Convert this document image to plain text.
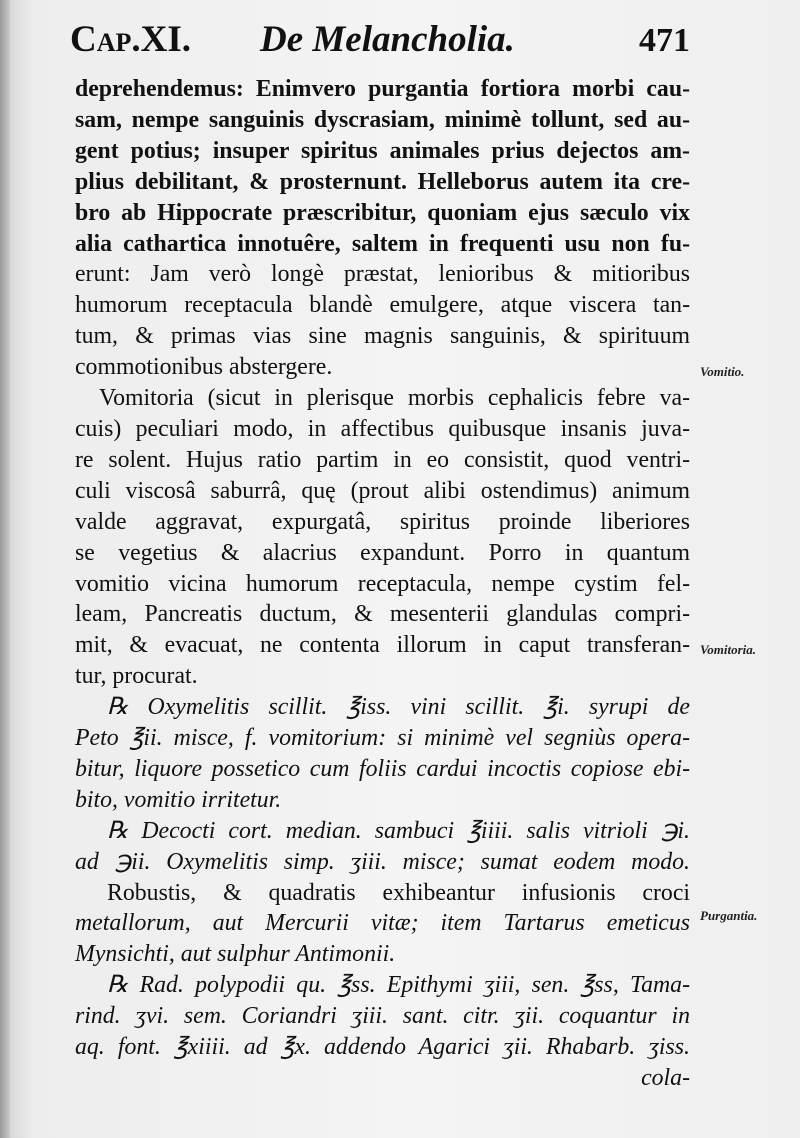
Cap.XI. De Melancholia.	471
deprehendemus: Enimvero purgantia fortiora morbi cau-
sam, nempe sanguinis dyscrasiam, minimè tollunt, sed au-
gent potius; insuper spiritus animales prius dejectos am-
plius debilitant, & prosternunt. Helleborus autem ita cre-
bro ab Hippocrate præscribitur, quoniam ejus sæculo vix
alia cathartica innotuêre, saltem in frequenti usu non fu-
erunt: Jam verò longè præstat, lenioribus & mitioribus
humorum receptacula blandè emulgere, atque viscera tan-
tum, & primas vias sine magnis sanguinis, & spirituum
commotionibus abstergere.
Vomitoria (sicut in plerisque morbis cephalicis febre va-
cuis) peculiari modo, in affectibus quibusque insanis juva-
re solent. Hujus ratio partim in eo consistit, quod ventri-
culi viscosâ saburrâ, quę (prout alibi ostendimus) animum
valde aggravat, expurgatâ, spiritus proinde liberiores
se vegetius & alacrius expandunt. Porro in quantum
vomitio vicina humorum receptacula, nempe cystim fel-
leam, Pancreatis ductum, & mesenterii glandulas compri-
mit, & evacuat, ne contenta illorum in caput transferan-
tur, procurat.
℞ Oxymelitis scillit. ℥iss. vini scillit. ℥i. syrupi de
Peto ℥ii. misce, f. vomitorium: si minimè vel segniùs opera-
bitur, liquore possetico cum foliis cardui incoctis copiose ebi-
bito, vomitio irritetur.
℞ Decocti cort. median. sambuci ℥iiii. salis vitrioli ℈i.
ad ℈ii. Oxymelitis simp. ʒiii. misce; sumat eodem modo.
Robustis, & quadratis exhibeantur infusionis croci
metallorum, aut Mercurii vitæ; item Tartarus emeticus
Mynsichti, aut sulphur Antimonii.
℞ Rad. polypodii qu. ℥ss. Epithymi ʒiii, sen. ℥ss, Tama-
rind. ʒvi. sem. Coriandri ʒiii. sant. citr. ʒii. coquantur in
aq. font. ℥xiiii. ad ℥x. addendo Agarici ʒii. Rhabarb. ʒiss.
cola-
Vomitio.
Vomitoria.
Purgantia.
